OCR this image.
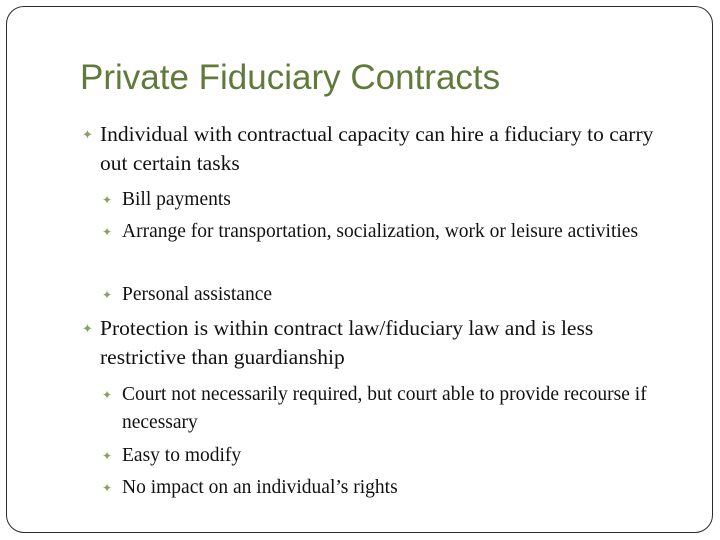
Private Fiduciary Contracts
✦ Individual with contractual capacity can hire a fiduciary to carry out certain tasks
✦ Bill payments
✦ Arrange for transportation, socialization, work or leisure activities
✦ Personal assistance
✦ Protection is within contract law/fiduciary law and is less restrictive than guardianship
✦ Court not necessarily required, but court able to provide recourse if necessary
✦ Easy to modify
✦ No impact on an individual’s rights
